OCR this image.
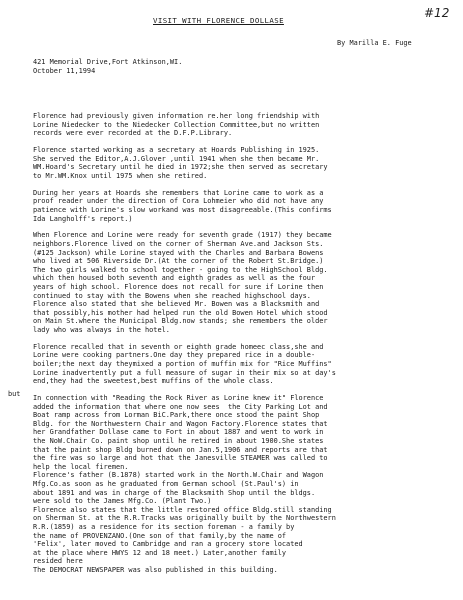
#12
VISIT WITH FLORENCE DOLLASE
By Marilla E. Fuge
421 Memorial Drive,Fort Atkinson,WI.
October 11,1994
but
Florence had previously given information re.her long friendship with
Lorine Niedecker to the Niedecker Collection Committee,but no written
records were ever recorded at the D.F.P.Library.
Florence started working as a secretary at Hoards Publishing in 1925.
She served the Editor,A.J.Glover ,until 1941 when she then became Mr.
WM.Hoard's Secretary until he died in 1972;she then served as secretary
to Mr.WM.Knox until 1975 when she retired.
During her years at Hoards she remembers that Lorine came to work as a
proof reader under the direction of Cora Lohmeier who did not have any
patience with Lorine's slow workand was most disagreeable.(This confirms
Ida Langholff's report.)
When Florence and Lorine were ready for seventh grade (1917) they became
neighbors.Florence lived on the corner of Sherman Ave.and Jackson Sts.
(#125 Jackson) while Lorine stayed with the Charles and Barbara Bowens
who lived at 506 Riverside Dr.(At the corner of the Robert St.Bridge.)
The two girls walked to school together - going to the HighSchool Bldg.
which then housed both seventh and eighth grades as well as the four
years of high school. Florence does not recall for sure if Lorine then
continued to stay with the Bowens when she reached highschool days.
Florence also stated that she believed Mr. Bowen was a Blacksmith and
that possibly,his mother had helped run the old Bowen Hotel which stood
on Main St.where the Municipal Bldg.now stands; she remembers the older
lady who was always in the hotel.
Florence recalled that in seventh or eighth grade homeec class,she and
Lorine were cooking partners.One day they prepared rice in a double-
boiler;the next day theymixed a portion of muffin mix for "Rice Muffins"
Lorine inadvertently put a full measure of sugar in their mix so at day's
end,they had the sweetest,best muffins of the whole class.
In connection with "Reading the Rock River as Lorine knew it" Florence
added the information that where one now sees  the City Parking Lot and
Boat ramp across from Lorman BiC.Park,there once stood the paint Shop
Bldg. for the Northwestern Chair and Wagon Factory.Florence states that
her Grandfather Dollase came to Fort in about 1887 and went to work in
the NoW.Chair Co. paint shop until he retired in about 1900.She states
that the paint shop Bldg burned down on Jan.5,1906 and reports are that
the fire was so large and hot that the Janesville STEAMER was called to
help the local firemen.
Florence's father (B.1878) started work in the North.W.Chair and Wagon
Mfg.Co.as soon as he graduated from German school (St.Paul's) in
about 1891 and was in charge of the Blacksmith Shop until the bldgs.
were sold to the James Mfg.Co. (Plant Two.)
Florence also states that the little restored office Bldg.still standing
on Sherman St. at the R.R.Tracks was originally built by the Northwestern
R.R.(1859) as a residence for its section foreman - a family by
the name of PROVENZANO.(One son of that family,by the name of
'Felix', later moved to Cambridge and ran a grocery store located
at the place where HWYS 12 and 18 meet.) Later,another family
resided here
The DEMOCRAT NEWSPAPER was also published in this building.
